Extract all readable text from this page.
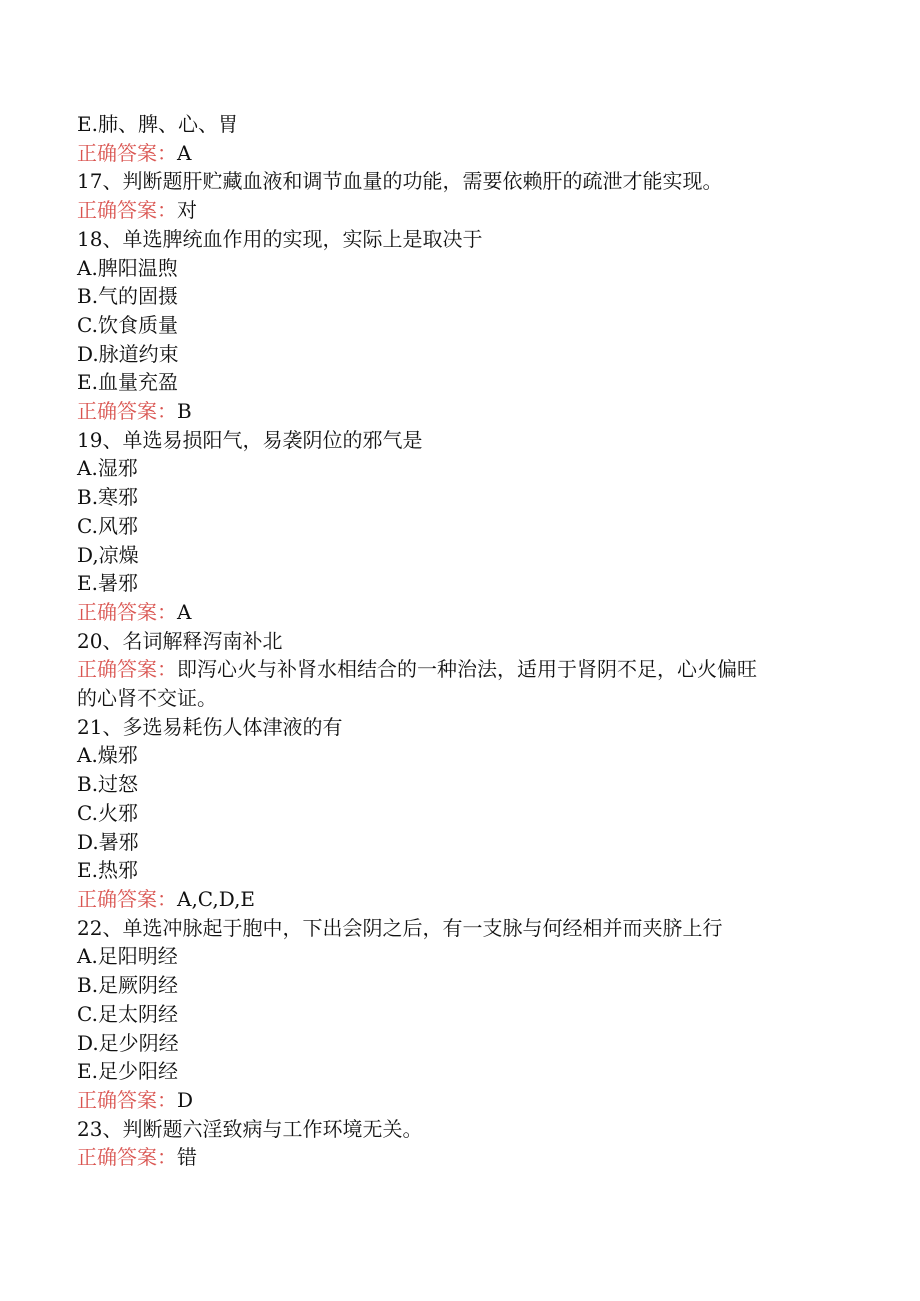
E.肺、脾、心、胃

正确答案：A

17、判断题肝贮藏血液和调节血量的功能，需要依赖肝的疏泄才能实现。

正确答案：对

18、单选脾统血作用的实现，实际上是取决于

A.脾阳温煦

B.气的固摄

C.饮食质量

D.脉道约束

E.血量充盈

正确答案：B

19、单选易损阳气，易袭阴位的邪气是

A.湿邪

B.寒邪

C.风邪

D,凉燥

E.暑邪

正确答案：A

20、名词解释泻南补北

正确答案：即泻心火与补肾水相结合的一种治法，适用于肾阴不足，心火偏旺

的心肾不交证。

21、多选易耗伤人体津液的有

A.燥邪

B.过怒

C.火邪

D.暑邪

E.热邪

正确答案：A,C,D,E

22、单选冲脉起于胞中，下出会阴之后，有一支脉与何经相并而夹脐上行

A.足阳明经

B.足厥阴经

C.足太阴经

D.足少阴经

E.足少阳经

正确答案：D

23、判断题六淫致病与工作环境无关。

正确答案：错
